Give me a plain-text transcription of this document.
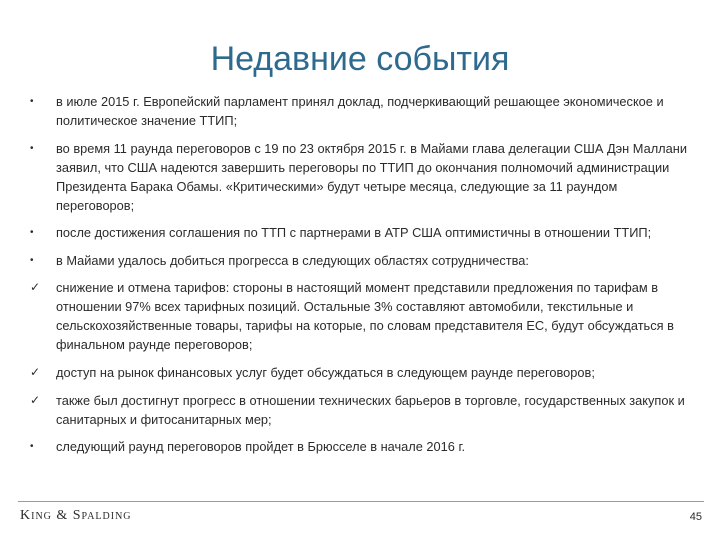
Недавние события
•	в июле 2015 г. Европейский парламент принял доклад, подчеркивающий решающее экономическое и политическое значение ТТИП;
•	во время 11 раунда переговоров с 19 по 23 октября 2015 г. в Майами глава делегации США Дэн Маллани заявил, что США надеются завершить переговоры по ТТИП до окончания полномочий администрации Президента Барака Обамы. «Критическими» будут четыре месяца, следующие за 11 раундом переговоров;
•	после достижения соглашения по ТТП с партнерами в АТР США оптимистичны в отношении ТТИП;
•	в Майами удалось добиться прогресса в следующих областях сотрудничества:
✓	снижение и отмена тарифов: стороны в настоящий момент представили предложения по тарифам в отношении 97% всех тарифных позиций. Остальные 3% составляют автомобили, текстильные и сельскохозяйственные товары, тарифы на которые, по словам представителя ЕС, будут обсуждаться в финальном раунде переговоров;
✓	доступ на рынок финансовых услуг будет обсуждаться в следующем раунде переговоров;
✓	также был достигнут прогресс в отношении технических барьеров в торговле, государственных закупок и санитарных и фитосанитарных мер;
•	следующий раунд переговоров пройдет в Брюсселе в начале 2016 г.
King & Spalding	45
